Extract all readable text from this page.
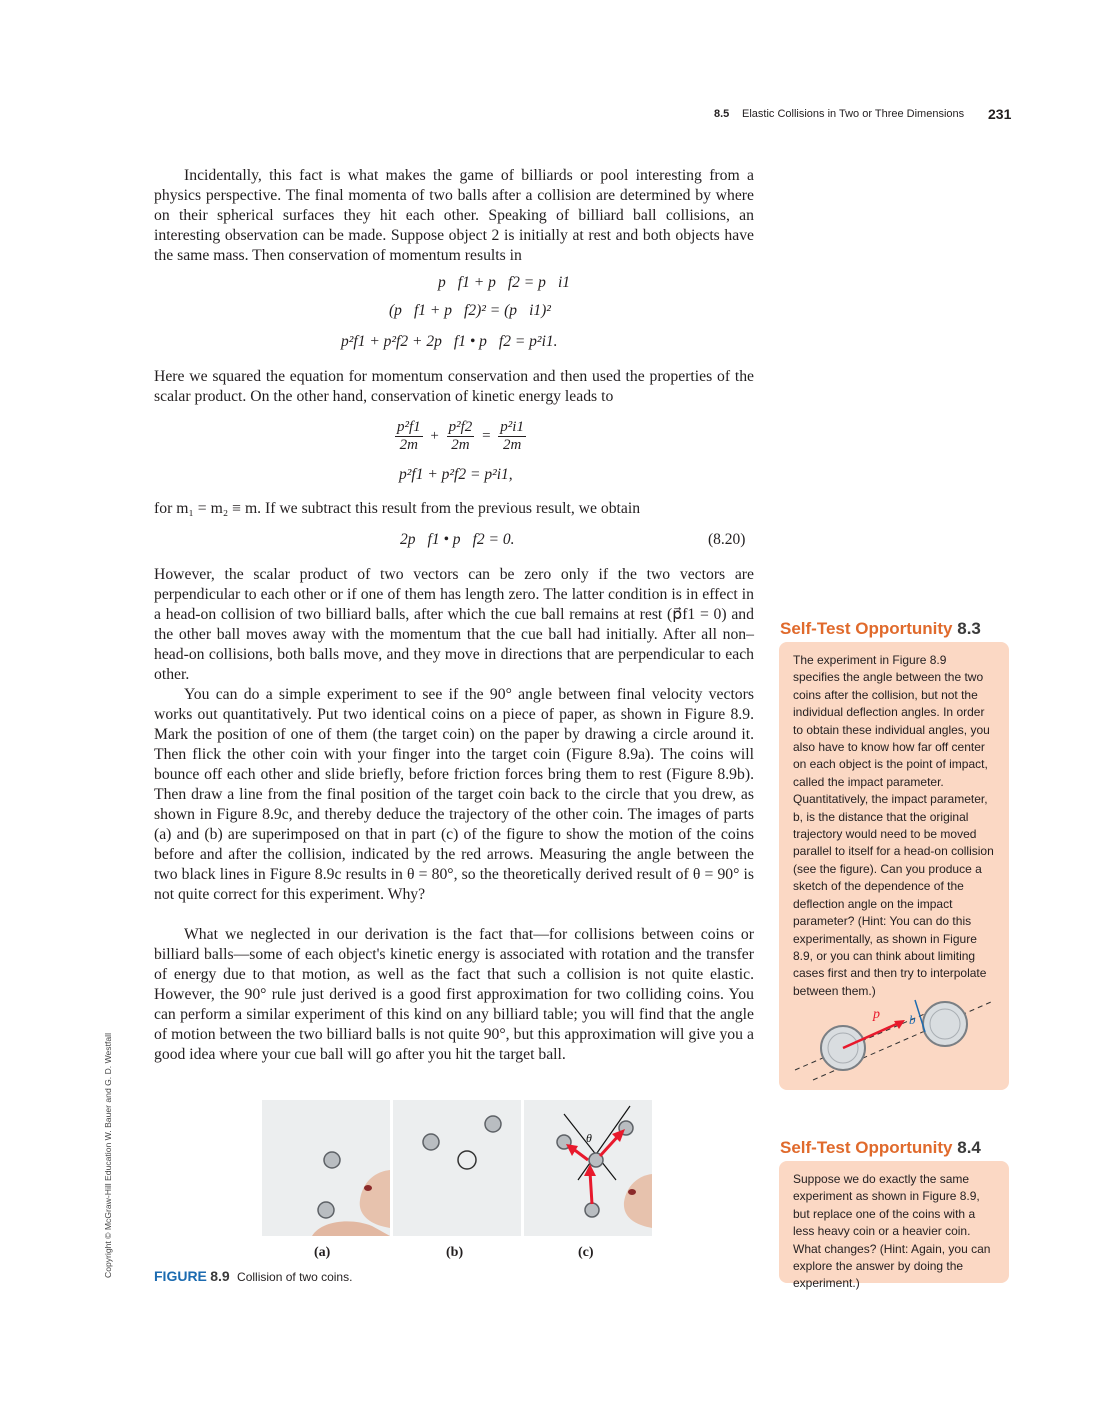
8.5 Elastic Collisions in Two or Three Dimensions 231

Incidentally, this fact is what makes the game of billiards or pool interesting from a physics perspective. The final momenta of two balls after a collision are determined by where on their spherical surfaces they hit each other. Speaking of billiard ball collisions, an interesting observation can be made. Suppose object 2 is initially at rest and both objects have the same mass. Then conservation of momentum results in

p⃗f1 + p⃗f2 = p⃗i1
(p⃗f1 + p⃗f2)² = (p⃗i1)²
p²f1 + p²f2 + 2p⃗f1 • p⃗f2 = p²i1.

Here we squared the equation for momentum conservation and then used the properties of the scalar product. On the other hand, conservation of kinetic energy leads to

$\frac{\text{p²f1}}{2m} + \frac{\text{p²f2}}{2m} = \frac{\text{p²i1}}{2m}$
p²f1 + p²f2 = p²i1,

for m₁ = m₂ ≡ m. If we subtract this result from the previous result, we obtain

2p⃗f1 • p⃗f2 = 0.	(8.20)

However, the scalar product of two vectors can be zero only if the two vectors are perpendicular to each other or if one of them has length zero. The latter condition is in effect in a head-on collision of two billiard balls, after which the cue ball remains at rest (p⃗f1 = 0) and the other ball moves away with the momentum that the cue ball had initially. After all non–head-on collisions, both balls move, and they move in directions that are perpendicular to each other.

You can do a simple experiment to see if the 90° angle between final velocity vectors works out quantitatively. Put two identical coins on a piece of paper, as shown in Figure 8.9. Mark the position of one of them (the target coin) on the paper by drawing a circle around it. Then flick the other coin with your finger into the target coin (Figure 8.9a). The coins will bounce off each other and slide briefly, before friction forces bring them to rest (Figure 8.9b). Then draw a line from the final position of the target coin back to the circle that you drew, as shown in Figure 8.9c, and thereby deduce the trajectory of the other coin. The images of parts (a) and (b) are superimposed on that in part (c) of the figure to show the motion of the coins before and after the collision, indicated by the red arrows. Measuring the angle between the two black lines in Figure 8.9c results in θ = 80°, so the theoretically derived result of θ = 90° is not quite correct for this experiment. Why?

What we neglected in our derivation is the fact that—for collisions between coins or billiard balls—some of each object's kinetic energy is associated with rotation and the transfer of energy due to that motion, as well as the fact that such a collision is not quite elastic. However, the 90° rule just derived is a good first approximation for two colliding coins. You can perform a similar experiment of this kind on any billiard table; you will find that the angle of motion between the two billiard balls is not quite 90°, but this approximation will give you a good idea where your cue ball will go after you hit the target ball.

Self-Test Opportunity 8.3
The experiment in Figure 8.9 specifies the angle between the two coins after the collision, but not the individual deflection angles. In order to obtain these individual angles, you also have to know how far off center on each object is the point of impact, called the impact parameter. Quantitatively, the impact parameter, b, is the distance that the original trajectory would need to be moved parallel to itself for a head-on collision (see the figure). Can you produce a sketch of the dependence of the deflection angle on the impact parameter? (Hint: You can do this experimentally, as shown in Figure 8.9, or you can think about limiting cases first and then try to interpolate between them.)
p b
Self-Test Opportunity 8.4
Suppose we do exactly the same experiment as shown in Figure 8.9, but replace one of the coins with a less heavy coin or a heavier coin. What changes? (Hint: Again, you can explore the answer by doing the experiment.)
θ
(a)	(b)	(c)
FIGURE 8.9 Collision of two coins.
Copyright © McGraw-Hill Education W. Bauer and G. D. Westfall
